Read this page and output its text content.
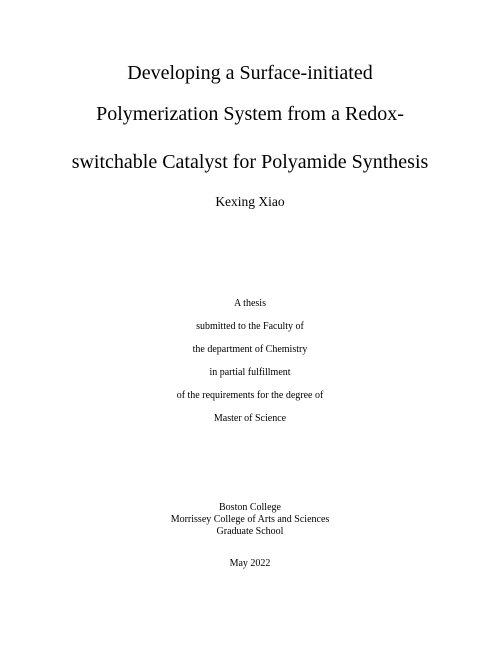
Developing a Surface-initiated
Polymerization System from a Redox-
switchable Catalyst for Polyamide Synthesis
Kexing Xiao
A thesis
submitted to the Faculty of
the department of Chemistry
in partial fulfillment
of the requirements for the degree of
Master of Science
Boston College
Morrissey College of Arts and Sciences
Graduate School
May 2022
